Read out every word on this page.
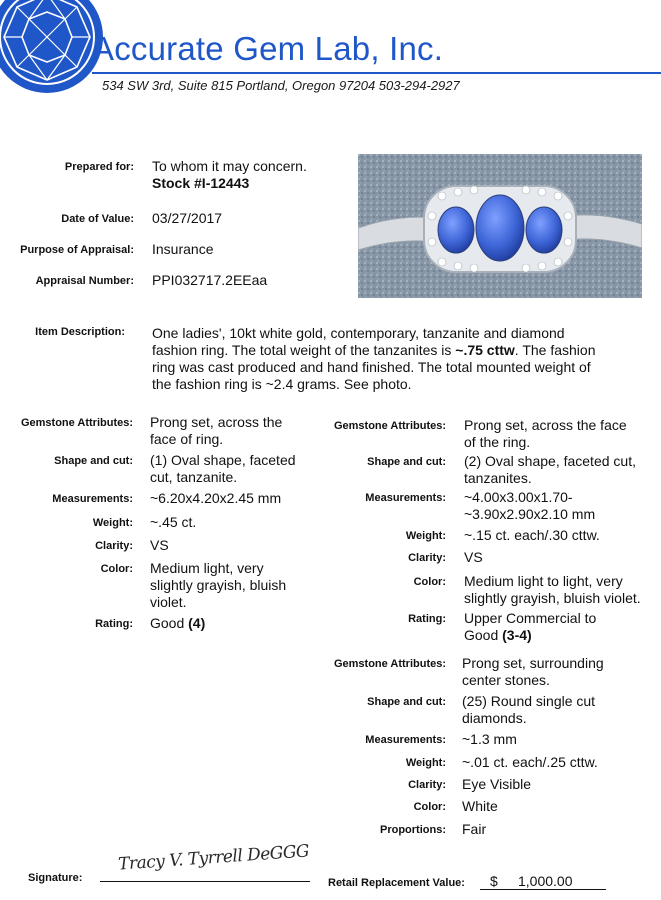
Accurate Gem Lab, Inc.
534 SW 3rd, Suite 815 Portland, Oregon 97204 503-294-2927
Prepared for: To whom it may concern.
Stock #I-12443
Date of Value: 03/27/2017
Purpose of Appraisal: Insurance
Appraisal Number: PPI032717.2EEaa
Item Description: One ladies', 10kt white gold, contemporary, tanzanite and diamond
fashion ring. The total weight of the tanzanites is ~.75 cttw. The fashion
ring was cast produced and hand finished. The total mounted weight of
the fashion ring is ~2.4 grams. See photo.
Gemstone Attributes: Prong set, across the
face of ring.
Shape and cut: (1) Oval shape, faceted
cut, tanzanite.
Measurements: ~6.20x4.20x2.45 mm
Weight: ~.45 ct.
Clarity: VS
Color: Medium light, very
slightly grayish, bluish
violet.
Rating: Good (4)
Gemstone Attributes: Prong set, across the face
of the ring.
Shape and cut: (2) Oval shape, faceted cut,
tanzanites.
Measurements: ~4.00x3.00x1.70-
~3.90x2.90x2.10 mm
Weight: ~.15 ct. each/.30 cttw.
Clarity: VS
Color: Medium light to light, very
slightly grayish, bluish violet.
Rating: Upper Commercial to
Good (3-4)
Gemstone Attributes: Prong set, surrounding
center stones.
Shape and cut: (25) Round single cut
diamonds.
Measurements: ~1.3 mm
Weight: ~.01 ct. each/.25 cttw.
Clarity: Eye Visible
Color: White
Proportions: Fair
Signature:
Tracy V. Tyrrell DeGGG
Retail Replacement Value: $ 1,000.00
